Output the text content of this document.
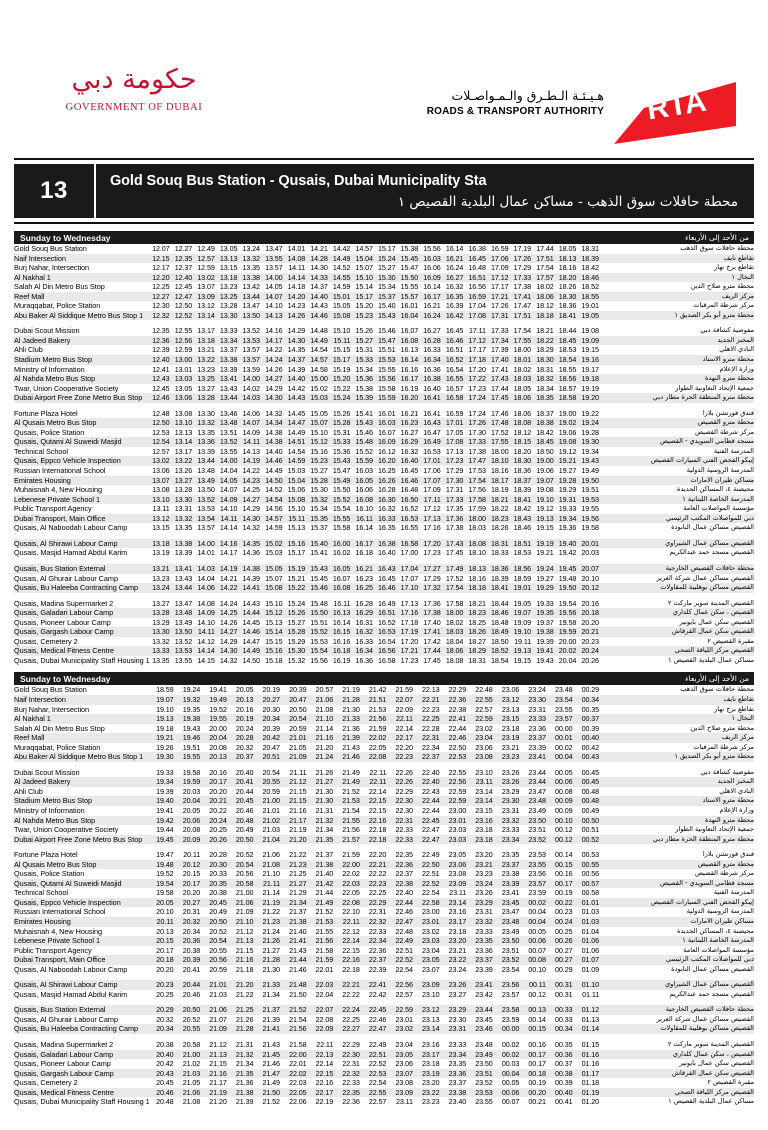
حكومة دبي
GOVERNMENT OF DUBAI
هـيـئـة الـطـرق والـمـواصـلات
ROADS & TRANSPORT AUTHORITY RTA
13	Gold Souq Bus Station - Qusais, Dubai Municipality Sta
محطة حافلات سوق الذهب - مساكن عمال البلدية القصيص ١
Sunday to Wednesday	من الأحد إلى الأربعاء
Gold Souq Bus Station	12.07	12.27	12.49	13.05	13.24	13.47	14.01	14.21	14.42	14.57	15.17	15.38	15.56	16.14	16.38	16.59	17.19	17.44	18.05	18.31	محطة حافلات سوق الذهب
Naif Intersection	12.15	12.35	12.57	13.13	13.32	13.55	14.08	14.28	14.49	15.04	15.24	15.45	16.03	16.21	16.45	17.06	17.26	17.51	18.13	18.39	تقاطع نايف
Burj Nahar, Intersection	12.17	12.37	12.59	13.15	13.35	13.57	14.11	14.30	14.52	15.07	15.27	15.47	16.06	16.24	16.48	17.09	17.29	17.54	18.16	18.42	تقاطع برج نهار
Al Nakhal 1	12.20	12.40	13.02	13.18	13.38	14.00	14.14	14.33	14.55	15.10	15.30	15.50	16.09	16.27	16.51	17.12	17.33	17.57	18.20	18.46	النخال ١
Salah Al Din Metro Bus Stop	12.25	12.45	13.07	13.23	13.42	14.05	14.18	14.37	14.59	15.14	15.34	15.55	16.14	16.32	16.56	17.17	17.38	18.02	18.26	18.52	محطة مترو صلاح الدين
Reef Mall	12.27	12.47	13.09	13.25	13.44	14.07	14.20	14.40	15.01	15.17	15.37	15.57	16.17	16.35	16.59	17.21	17.41	18.06	18.30	18.55	مركز الريف
Muraqqabat, Police Station	12.30	12.50	13.12	13.28	13.47	14.10	14.23	14.43	15.05	15.20	15.40	16.01	16.21	16.39	17.04	17.26	17.47	18.12	18.36	19.01	مركز شرطة المرقبات
Abu Baker Al Siddique Metro Bus Stop 1	12.32	12.52	13.14	13.30	13.50	14.13	14.26	14.46	15.08	15.23	15.43	16.04	16.24	16.42	17.08	17.31	17.51	18.18	18.41	19.05	محطة مترو أبو بكر الصديق ١

Dubai Scout Mission	12.35	12.55	13.17	13.33	13.52	14.16	14.29	14.48	15.10	15.26	15.46	16.07	16.27	16.45	17.11	17.33	17.54	18.21	18.44	19.08	مفوضية كشافة دبي
Al Jadeed Bakery	12.36	12.56	13.18	13.34	13.53	14.17	14.30	14.49	15.11	15.27	15.47	16.08	16.28	16.46	17.12	17.34	17.55	18.22	18.45	19.09	المخبز الجديد
Ahli Club	12.39	12.59	13.21	13.37	13.57	14.22	14.35	14.54	15.15	15.31	15.51	16.13	16.33	16.51	17.17	17.39	18.00	18.29	18.53	19.15	النادي الاهلي
Stadium Metro Bus Stop	12.40	13.00	13.22	13.38	13.57	14.24	14.37	14.57	15.17	15.33	15.53	16.14	16.34	16.52	17.18	17.40	18.01	18.30	18.54	19.16	محطة مترو الاستاد
Ministry of Information	12.41	13.01	13.23	13.39	13.59	14.26	14.39	14.58	15.19	15.34	15.55	16.16	16.36	16.54	17.20	17.41	18.02	18.31	18.55	19.17	وزارة الإعلام
Al Nahda Metro Bus Stop	12.43	13.03	13.25	13.41	14.00	14.27	14.40	15.00	15.20	15.36	15.56	16.17	16.38	16.55	17.22	17.43	18.03	18.32	18.56	19.18	محطة مترو النهدة
Twar, Union Cooperative Society	12.45	13.05	13.27	13.43	14.02	14.29	14.42	15.02	15.22	15.38	15.58	16.19	16.40	16.57	17.23	17.44	18.05	18.34	18.57	19.19	جمعية الإتحاد التعاونية الطوار
Dubai Airport Free Zone Metro Bus Stop	12.46	13.06	13.28	13.44	14.03	14.30	14.43	15.03	15.24	15.39	15.59	16.20	16.41	16.58	17.24	17.45	18.06	18.35	18.58	19.20	محطة مترو المنطقة الحرة مطار دبي

Fortune Plaza Hotel	12.48	13.08	13.30	13.46	14.06	14.32	14.45	15.05	15.26	15.41	16.01	16.21	16.41	16.59	17.24	17.46	18.06	18.37	19.00	19.22	فندق فورتشن بلازا
Al Qusais Metro Bus Stop	12.50	13.10	13.32	13.48	14.07	14.34	14.47	15.07	15.28	15.43	16.03	16.23	16.43	17.01	17.26	17.48	18.08	18.38	19.02	19.24	محطة مترو القصيص
Qusais, Police Station	12.53	13.13	13.35	13.51	14.09	14.38	14.49	15.10	15.31	15.46	16.07	16.27	16.47	17.05	17.30	17.52	18.12	18.42	19.06	19.28	مركز شرطة القصيص
Qusais, Qutami Al Suweidi Masjid	12.54	13.14	13.36	13.52	14.11	14.38	14.51	15.12	15.33	15.48	16.09	16.29	16.49	17.08	17.33	17.55	18.15	18.45	19.08	19.30	مسجد قطامي السويدي - القصيص
Technical School	12.57	13.17	13.39	13.55	14.13	14.40	14.54	15.16	15.36	15.52	16.12	16.32	16.53	17.13	17.38	18.00	18.20	18.50	19.12	19.34	المدرسة الفنية
Qusais, Eppco Vehicle Inspection	13.02	13.22	13.44	14.00	14.19	14.46	14.59	15.23	15.43	15.59	16.20	16.40	17.01	17.23	17.47	18.10	18.30	19.00	19.21	19.43	إيبكو الفحص الفني السيارات القصيص
Russian International School	13.06	13.26	13.48	14.04	14.22	14.49	15.03	15.27	15.47	16.03	16.25	16.45	17.06	17.29	17.53	18.16	18.36	19.06	19.27	19.49	المدرسة الروسية الدولية
Emirates Housing	13.07	13.27	13.49	14.05	14.23	14.50	15.04	15.28	15.49	16.05	16.26	16.46	17.07	17.30	17.54	18.17	18.37	19.07	19.28	19.50	مساكن طيران الامارات
Muhaisnah 4, New Housing	13.08	13.28	13.50	14.07	14.25	14.52	15.06	15.30	15.50	16.06	16.28	16.48	17.09	17.31	17.56	18.19	18.39	19.08	19.29	19.51	محيصنة ٤، المساكن الجديدة
Lebenese Private School 1	13.10	13.30	13.52	14.09	14.27	14.54	15.08	15.32	15.52	16.08	16.30	16.50	17.11	17.33	17.58	18.21	18.41	19.10	19.31	19.53	المدرسة الخاصة اللبنانية ١
Public Transport Agency	13.11	13.31	13.53	14.10	14.29	14.56	15.10	15.34	15.54	16.10	16.32	16.52	17.12	17.35	17.59	18.22	18.42	19.12	19.33	19.55	مؤسسة المواصلات العامة
Dubai Transport, Main Office	13.12	13.32	13.54	14.11	14.30	14.57	15.11	15.35	15.55	16.11	16.33	16.53	17.13	17.36	18.00	18.23	18.43	19.13	19.34	19.56	دبي للمواصلات المكتب الرئيسي
Qusais, Al Naboodah Labour Camp	13.15	13.35	13.57	14.14	14.32	14.59	15.13	15.37	15.58	16.14	16.35	16.55	17.16	17.38	18.03	18.26	18.46	19.15	19.36	19.58	القصيص مساكن عمال النابودة

Qusais, Al Shirawi Labour Camp	13.18	13.38	14.00	14.16	14.35	15.02	15.16	15.40	16.00	16.17	16.38	16.58	17.20	17.43	18.08	18.31	18.51	19.19	19.40	20.01	القصيص مساكن عمال الشيراوي
Qusais, Masjid Hamad Abdul Karim	13.19	13.39	14.01	14.17	14.36	15.03	15.17	15.41	16.02	16.18	16.40	17.00	17.23	17.45	18.10	18.33	18.53	19.21	19.42	20.03	القصيص مسجد حمد عبدالكريم

Qusais, Bus Station External	13.21	13.41	14.03	14.19	14.38	15.05	15.19	15.43	16.05	16.21	16.43	17.04	17.27	17.49	18.13	18.36	18.56	19.24	19.45	20.07	محطة حافلات القصيص الخارجية
Qusais, Al Ghurair Labour Camp	13.23	13.43	14.04	14.21	14.39	15.07	15.21	15.45	16.07	16.23	16.45	17.07	17.29	17.52	18.16	18.39	18.59	19.27	19.48	20.10	القصيص مساكن عمال شركة الغرير
Qusais, Bu Haleeba Contracting Camp	13.24	13.44	14.06	14.22	14.41	15.08	15.22	15.46	16.08	16.25	16.46	17.10	17.32	17.54	18.18	18.41	19.01	19.29	19.50	20.12	القصيص مساكن بوهليبة للمقاولات

Qusais, Madina Supermarket 2	13.27	13.47	14.08	14.24	14.43	15.10	15.24	15.48	16.11	16.28	16.49	17.13	17.36	17.58	18.21	18.44	19.05	19.33	19.54	20.16	القصيص المدينة سوبر ماركت ٢
Qusais, Galadari Labour Camp	13.28	13.48	14.09	14.25	14.44	15.12	15.26	15.50	16.13	16.29	16.51	17.16	17.38	18.00	18.23	18.46	19.07	19.35	19.56	20.18	القصيص ، سكن عمال كلداري
Qusais, Pioneer Labour Camp	13.29	13.49	14.10	14.26	14.45	15.13	15.27	15.51	16.14	16.31	16.52	17.18	17.40	18.02	18.25	18.48	19.09	19.37	19.58	20.20	القصيص سكن عمال بايونير
Qusais, Gargash Labour Camp	13.30	13.50	14.11	14.27	14.46	15.14	15.28	15.52	16.15	16.32	16.53	17.19	17.41	18.03	18.26	18.49	19.10	19.38	19.59	20.21	القصيص سكن عمال القرقاش
Qusais, Cemetery 2	13.32	13.52	14.12	14.29	14.47	15.15	15.29	15.53	16.16	16.33	16.54	17.20	17.42	18.04	18.27	18.50	19.11	19.39	20.00	20.23	مقبرة القصيص ٢
Qusais, Medical Fitness Centre	13.33	13.53	14.14	14.30	14.49	15.16	15.30	15.54	16.18	16.34	16.56	17.21	17.44	18.06	18.29	18.52	19.13	19.41	20.02	20.24	القصيص مركز اللياقة الصحي
Qusais, Dubai Municipality Staff Housing 1	13.35	13.55	14.15	14.32	14.50	15.18	15.32	15.56	16.19	16.36	16.58	17.23	17.45	18.08	18.31	18.54	19.15	19.43	20.04	20.26	مساكن عمال البلدية القصيص ١
Sunday to Wednesday	من الأحد إلى الأربعاء
Gold Souq Bus Station	18.59	19.24	19.41	20.05	20.19	20.39	20.57	21.19	21.42	21.59	22.13	22.29	22.48	23.06	23.24	23.48	00.29	محطة حافلات سوق الذهب
Naif Intersection	19.07	19.32	19.49	20.13	20.27	20.47	21.06	21.28	21.51	22.07	22.21	22.36	22.55	23.12	23.30	23.54	00.34	تقاطع نايف
Burj Nahar, Intersection	19.10	19.35	19.52	20.16	20.30	20.50	21.08	21.30	21.53	22.09	22.23	22.38	22.57	23.13	23.31	23.55	00.35	تقاطع برج نهار
Al Nakhal 1	19.13	19.38	19.55	20.19	20.34	20.54	21.10	21.33	21.56	22.11	22.25	22.41	22.59	23.15	23.33	23.57	00.37	النخال ١
Salah Al Din Metro Bus Stop	19.18	19.43	20.00	20.24	20.39	20.59	21.14	21.36	21.59	22.14	22.28	22.44	23.02	23.18	23.36	00.00	00.39	محطة مترو صلاح الدين
Reef Mall	19.21	19.46	20.04	20.28	20.42	21.01	21.16	21.39	22.02	22.17	22.31	22.46	23.04	23.19	23.37	00.01	00.40	مركز الريف
Muraqqabat, Police Station	19.26	19.51	20.08	20.32	20.47	21.05	21.20	21.43	22.05	22.20	22.34	22.50	23.06	23.21	23.39	00.02	00.42	مركز شرطة المرقبات
Abu Baker Al Siddique Metro Bus Stop 1	19.30	19.55	20.13	20.37	20.51	21.09	21.24	21.46	22.08	22.23	22.37	22.53	23.08	23.23	23.41	00.04	00.43	محطة مترو أبو بكر الصديق ١

Dubai Scout Mission	19.33	19.58	20.16	20.40	20.54	21.11	21.26	21.49	22.11	22.26	22.40	22.55	23.10	23.26	23.44	00.05	00.45	مفوضية كشافة دبي
Al Jadeed Bakery	19.34	19.59	20.17	20.41	20.55	21.12	21.27	21.49	22.11	22.26	22.40	22.56	23.11	23.26	23.44	00.06	00.45	المخبز الجديد
Ahli Club	19.39	20.03	20.20	20.44	20.59	21.15	21.30	21.52	22.14	22.29	22.43	22.59	23.14	23.29	23.47	00.08	00.48	النادي الاهلي
Stadium Metro Bus Stop	19.40	20.04	20.21	20.45	21.00	21.15	21.30	21.53	22.15	22.30	22.44	22.59	23.14	23.30	23.48	00.09	00.48	محطة مترو الاستاد
Ministry of Information	19.41	20.05	20.22	20.46	21.01	21.16	21.31	21.54	22.15	22.30	22.44	23.00	23.15	23.31	23.49	00.09	00.49	وزارة الإعلام
Al Nahda Metro Bus Stop	19.42	20.06	20.24	20.48	21.02	21.17	21.32	21.55	22.16	22.31	22.45	23.01	23.16	23.32	23.50	00.10	00.50	محطة مترو النهدة
Twar, Union Cooperative Society	19.44	20.08	20.25	20.49	21.03	21.19	21.34	21.56	22.18	22.33	22.47	23.03	23.18	23.33	23.51	00.12	00.51	جمعية الإتحاد التعاونية الطوار
Dubai Airport Free Zone Metro Bus Stop	19.45	20.09	20.26	20.50	21.04	21.20	21.35	21.57	22.18	22.33	22.47	23.03	23.18	23.34	23.52	00.12	00.52	محطة مترو المنطقة الحرة مطار دبي

Fortune Plaza Hotel	19.47	20.11	20.28	20.52	21.06	21.22	21.37	21.59	22.20	22.35	22.49	23.05	23.20	23.35	23.53	00.14	00.53	فندق فورتشن بلازا
Al Qusais Metro Bus Stop	19.48	20.12	20.30	20.54	21.08	21.23	21.38	22.00	22.21	22.36	22.50	23.06	23.21	23.37	23.55	00.15	00.55	محطة مترو القصيص
Qusais, Police Station	19.52	20.15	20.33	20.56	21.10	21.25	21.40	22.02	22.22	22.37	22.51	23.08	23.23	23.38	23.56	00.16	00.56	مركز شرطة القصيص
Qusais, Qutami Al Suweidi Masjid	19.54	20.17	20.35	20.58	21.11	21.27	21.42	22.03	22.23	22.38	22.52	23.09	23.24	23.39	23.57	00.17	00.57	مسجد قطامي السويدي - القصيص
Technical School	19.58	20.20	20.38	21.00	21.14	21.29	21.44	22.05	22.25	22.40	22.54	23.11	23.26	23.41	23.59	00.19	00.58	المدرسة الفنية
Qusais, Eppco Vehicle Inspection	20.05	20.27	20.45	21.06	21.19	21.34	21.49	22.08	22.29	22.44	22.58	23.14	23.29	23.45	00.02	00.22	01.01	إيبكو الفحص الفني السيارات القصيص
Russian International School	20.10	20.31	20.49	21.09	21.22	21.37	21.52	22.10	22.31	22.46	23.00	23.16	23.31	23.47	00.04	00.23	01.03	المدرسة الروسية الدولية
Emirates Housing	20.11	20.32	20.50	21.10	21.23	21.38	21.53	22.11	22.32	22.47	23.01	23.17	23.32	23.48	00.04	00.24	01.03	مساكن طيران الامارات
Muhaisnah 4, New Housing	20.13	20.34	20.52	21.12	21.24	21.40	21.55	22.12	22.33	22.48	23.02	23.18	23.33	23.49	00.05	00.25	01.04	محيصنة ٤، المساكن الجديدة
Lebenese Private School 1	20.15	20.36	20.54	21.13	21.26	21.41	21.56	22.14	22.34	22.49	23.03	23.20	23.35	23.50	00.06	00.26	01.06	المدرسة الخاصة اللبنانية ١
Public Transport Agency	20.17	20.38	20.55	21.15	21.27	21.43	21.58	22.15	22.36	22.51	23.04	23.21	23.36	23.51	00.07	00.27	01.06	مؤسسة المواصلات العامة
Dubai Transport, Main Office	20.18	20.39	20.56	21.16	21.28	21.44	21.59	22.16	22.37	22.52	23.05	23.22	23.37	23.52	00.08	00.27	01.07	دبي للمواصلات المكتب الرئيسي
Qusais, Al Naboodah Labour Camp	20.20	20.41	20.59	21.18	21.30	21.46	22.01	22.18	22.39	22.54	23.07	23.24	23.39	23.54	00.10	00.29	01.09	القصيص مساكن عمال النابودة

Qusais, Al Shirawi Labour Camp	20.23	20.44	21.01	21.20	21.33	21.48	22.03	22.21	22.41	22.56	23.09	23.26	23.41	23.56	00.11	00.31	01.10	القصيص مساكن عمال الشيراوي
Qusais, Masjid Hamad Abdul Karim	20.25	20.46	21.03	21.22	21.34	21.50	22.04	22.22	22.42	22.57	23.10	23.27	23.42	23.57	00.12	00.31	01.11	القصيص مسجد حمد عبدالكريم

Qusais, Bus Station External	20.29	20.50	21.06	21.25	21.37	21.52	22.07	22.24	22.45	22.59	23.12	23.29	23.44	23.58	00.13	00.33	01.12	محطة حافلات القصيص الخارجية
Qusais, Al Ghurair Labour Camp	20.32	20.52	21.07	21.26	21.39	21.54	22.08	22.25	22.46	23.01	23.13	23.30	23.45	23.59	00.14	00.33	01.13	القصيص مساكن عمال شركة الغرير
Qusais, Bu Haleeba Contracting Camp	20.34	20.55	21.09	21.28	21.41	21.56	22.09	22.27	22.47	23.02	23.14	23.31	23.46	00.00	00.15	00.34	01.14	القصيص مساكن بوهليبة للمقاولات

Qusais, Madina Supermarket 2	20.38	20.58	21.12	21.31	21.43	21.58	22.11	22.29	22.49	23.04	23.16	23.33	23.48	00.02	00.16	00.35	01.15	القصيص المدينة سوبر ماركت ٢
Qusais, Galadari Labour Camp	20.40	21.00	21.13	21.32	21.45	22.00	22.13	22.30	22.51	23.05	23.17	23.34	23.49	00.02	00.17	00.36	01.16	القصيص ، سكن عمال كلداري
Qusais, Pioneer Labour Camp	20.42	21.02	21.15	21.34	21.46	22.01	22.14	22.31	22.52	23.06	23.18	23.35	23.50	00.03	00.17	00.37	01.16	القصيص سكن عمال بايونير
Qusais, Gargash Labour Camp	20.43	21.03	21.16	21.35	21.47	22.02	22.15	22.32	22.53	23.07	23.19	23.36	23.51	00.04	00.18	00.38	01.17	القصيص سكن عمال القرقاش
Qusais, Cemetery 2	20.45	21.05	21.17	21.36	21.49	22.03	22.16	22.33	22.54	23.08	23.20	23.37	23.52	00.05	00.19	00.39	01.18	مقبرة القصيص ٢
Qusais, Medical Fitness Centre	20.46	21.06	21.19	21.38	21.50	22.05	22.17	22.35	22.55	23.09	23.22	23.38	23.53	00.06	00.20	00.40	01.19	القصيص مركز اللياقة الصحي
Qusais, Dubai Municipality Staff Housing 1	20.48	21.08	21.20	21.39	21.52	22.06	22.19	22.36	22.57	23.11	23.23	23.40	23.55	00.07	00.21	00.41	01.20	مساكن عمال البلدية القصيص ١
